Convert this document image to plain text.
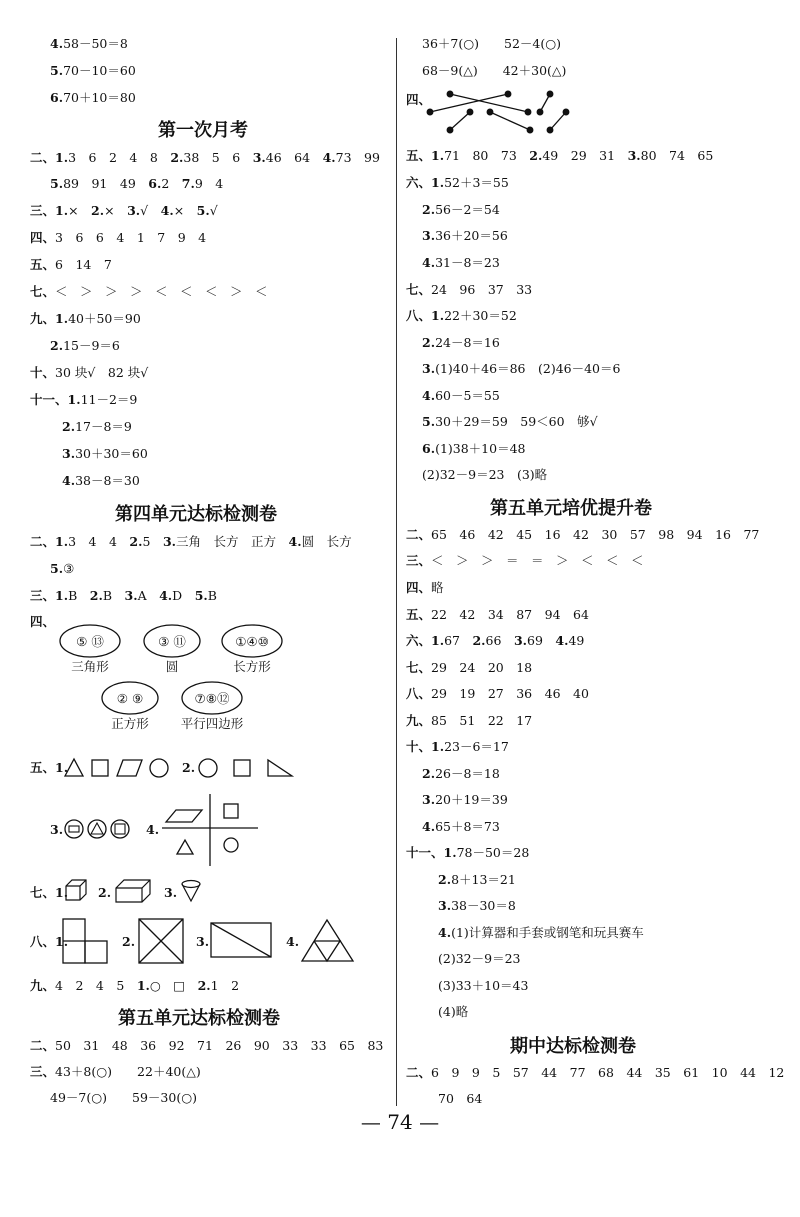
4.58－50＝8
5.70－10＝60
6.70＋10＝80
第一次月考
二、1.3　6　2　4　8　2.38　5　6　3.46　64　4.73　99
5.89　91　49　6.2　7.9　4
三、1.×　2.×　3.√　4.×　5.√
四、3　6　6　4　1　7　9　4
五、6　14　7
七、＜　＞　＞　＞　＜　＜　＜　＞　＜
九、1.40＋50＝90
2.15－9＝6
十、30 块√　82 块√
十一、1.11－2＝9
2.17－8＝9
3.30＋30＝60
4.38－8＝30
第四单元达标检测卷
二、1.3　4　4　2.5　3.三角　长方　正方　4.圆　长方
5.③
三、1.B　2.B　3.A　4.D　5.B
四、
⑤ ⑬
三角形
③ ⑪
圆
①④⑩
长方形
② ⑨
正方形
⑦⑧⑫
平行四边形
五、1.	2.
3.	4.
七、1. 2.	3.
八、1.	2.	3.	4.
九、4　2　4　5　1.○　□　2.1　2
第五单元达标检测卷
二、50　31　48　36　92　71　26　90　33　33　65　83
三、43＋8(○)　　22＋40(△)
49－7(○)　　59－30(○)
36＋7(○)　　52－4(○)
68－9(△)　　42＋30(△)
四、
五、1.71　80　73　2.49　29　31　3.80　74　65
六、1.52＋3＝55
2.56－2＝54
3.36＋20＝56
4.31－8＝23
七、24　96　37　33
八、1.22＋30＝52
2.24－8＝16
3.(1)40＋46＝86　(2)46－40＝6
4.60－5＝55
5.30＋29＝59　59＜60　够√
6.(1)38＋10＝48
(2)32－9＝23　(3)略
第五单元培优提升卷
二、65　46　42　45　16　42　30　57　98　94　16　77
三、＜　＞　＞　＝　＝　＞　＜　＜　＜
四、略
五、22　42　34　87　94　64
六、1.67　2.66　3.69　4.49
七、29　24　20　18
八、29　19　27　36　46　40
九、85　51　22　17
十、1.23－6＝17
2.26－8＝18
3.20＋19＝39
4.65＋8＝73
十一、1.78－50＝28
2.8＋13＝21
3.38－30＝8
4.(1)计算器和手套或钢笔和玩具赛车
(2)32－9＝23
(3)33＋10＝43
(4)略
期中达标检测卷
二、6　9　9　5　57　44　77　68　44　35　61　10　44　12
70　64
— 74 —
